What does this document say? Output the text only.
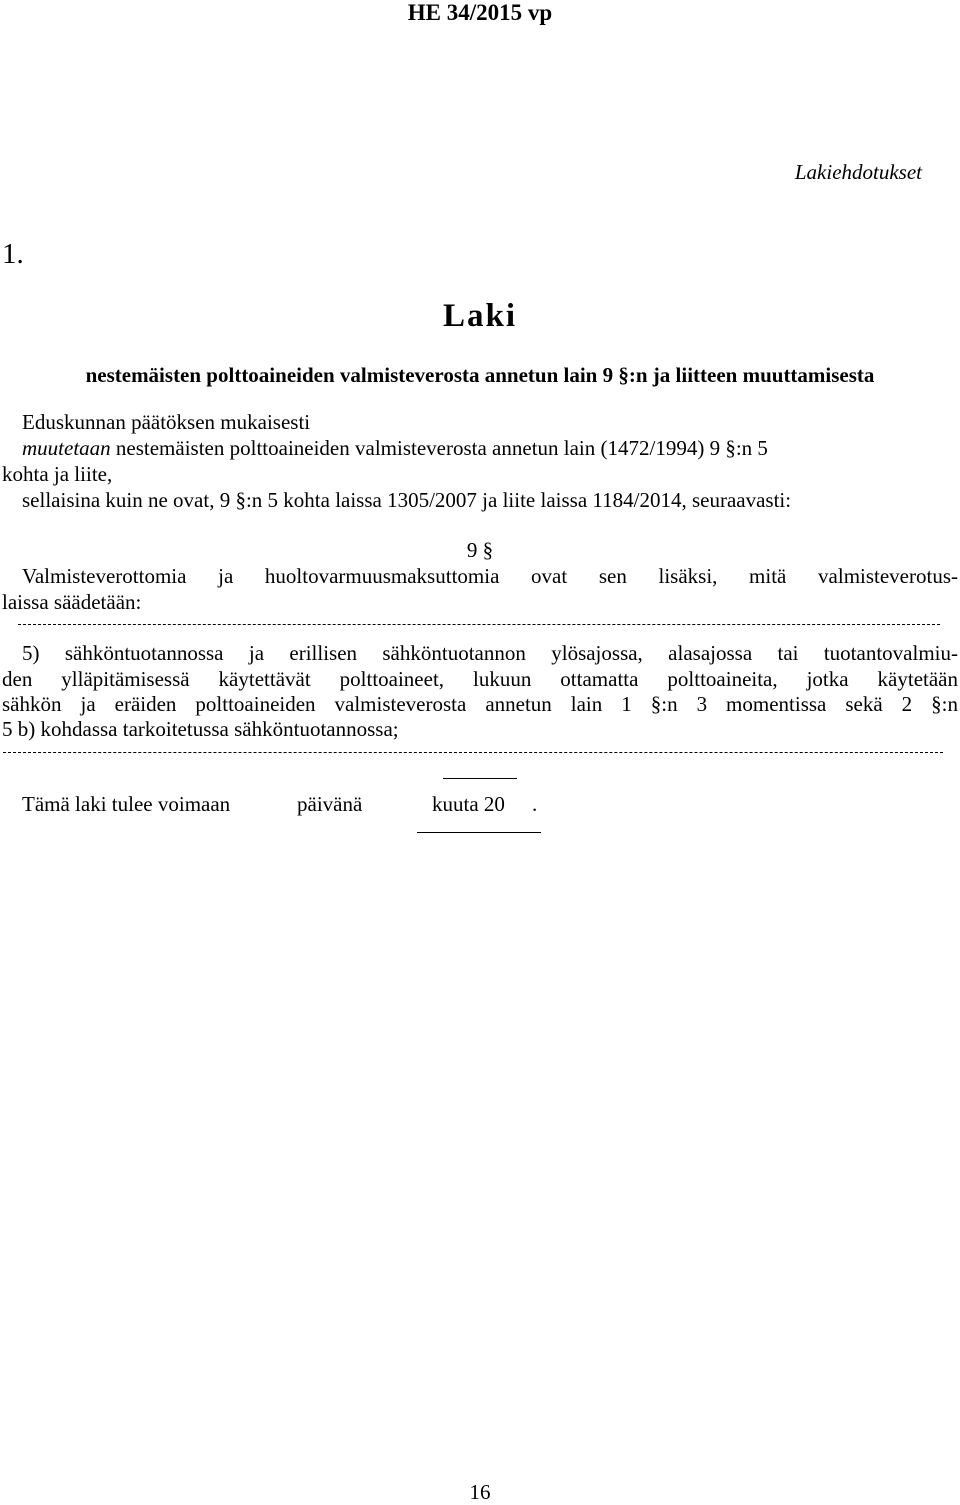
HE 34/2015 vp
Lakiehdotukset
1.
Laki
nestemäisten polttoaineiden valmisteverosta annetun lain 9 §:n ja liitteen muuttamisesta
Eduskunnan päätöksen mukaisesti
muutetaan nestemäisten polttoaineiden valmisteverosta annetun lain (1472/1994) 9 §:n 5
kohta ja liite,
sellaisina kuin ne ovat, 9 §:n 5 kohta laissa 1305/2007 ja liite laissa 1184/2014, seuraavasti:
9 §
Valmisteverottomia ja huoltovarmuusmaksuttomia ovat sen lisäksi, mitä valmisteverotus-
laissa säädetään:
5) sähköntuotannossa ja erillisen sähköntuotannon ylösajossa, alasajossa tai tuotantovalmiu-
den ylläpitämisessä käytettävät polttoaineet, lukuun ottamatta polttoaineita, jotka käytetään
sähkön ja eräiden polttoaineiden valmisteverosta annetun lain 1 §:n 3 momentissa sekä 2 §:n
5 b) kohdassa tarkoitetussa sähköntuotannossa;
Tämä laki tulee voimaan	päivänä	kuuta 20 .
16
